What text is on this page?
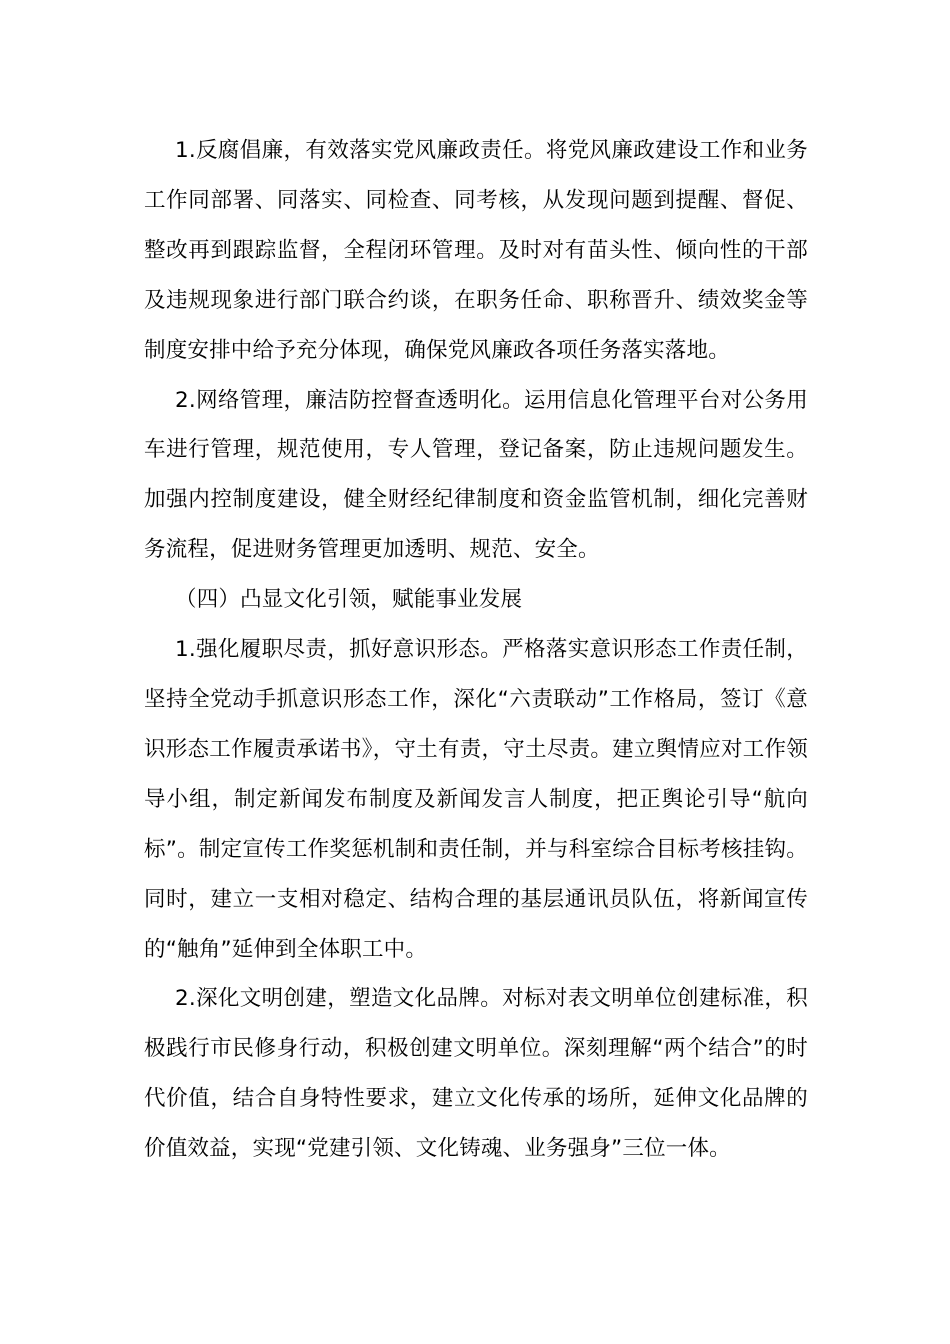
1.反腐倡廉，有效落实党风廉政责任。将党风廉政建设工作和业务工作同部署、同落实、同检查、同考核，从发现问题到提醒、督促、整改再到跟踪监督，全程闭环管理。及时对有苗头性、倾向性的干部及违规现象进行部门联合约谈，在职务任命、职称晋升、绩效奖金等制度安排中给予充分体现，确保党风廉政各项任务落实落地。

2.网络管理，廉洁防控督查透明化。运用信息化管理平台对公务用车进行管理，规范使用，专人管理，登记备案，防止违规问题发生。加强内控制度建设，健全财经纪律制度和资金监管机制，细化完善财务流程，促进财务管理更加透明、规范、安全。

（四）凸显文化引领，赋能事业发展

1.强化履职尽责，抓好意识形态。严格落实意识形态工作责任制，坚持全党动手抓意识形态工作，深化“六责联动”工作格局，签订《意识形态工作履责承诺书》，守土有责，守土尽责。建立舆情应对工作领导小组，制定新闻发布制度及新闻发言人制度，把正舆论引导“航向标”。制定宣传工作奖惩机制和责任制，并与科室综合目标考核挂钩。同时，建立一支相对稳定、结构合理的基层通讯员队伍，将新闻宣传的“触角”延伸到全体职工中。

2.深化文明创建，塑造文化品牌。对标对表文明单位创建标准，积极践行市民修身行动，积极创建文明单位。深刻理解“两个结合”的时代价值，结合自身特性要求，建立文化传承的场所，延伸文化品牌的价值效益，实现“党建引领、文化铸魂、业务强身”三位一体。
